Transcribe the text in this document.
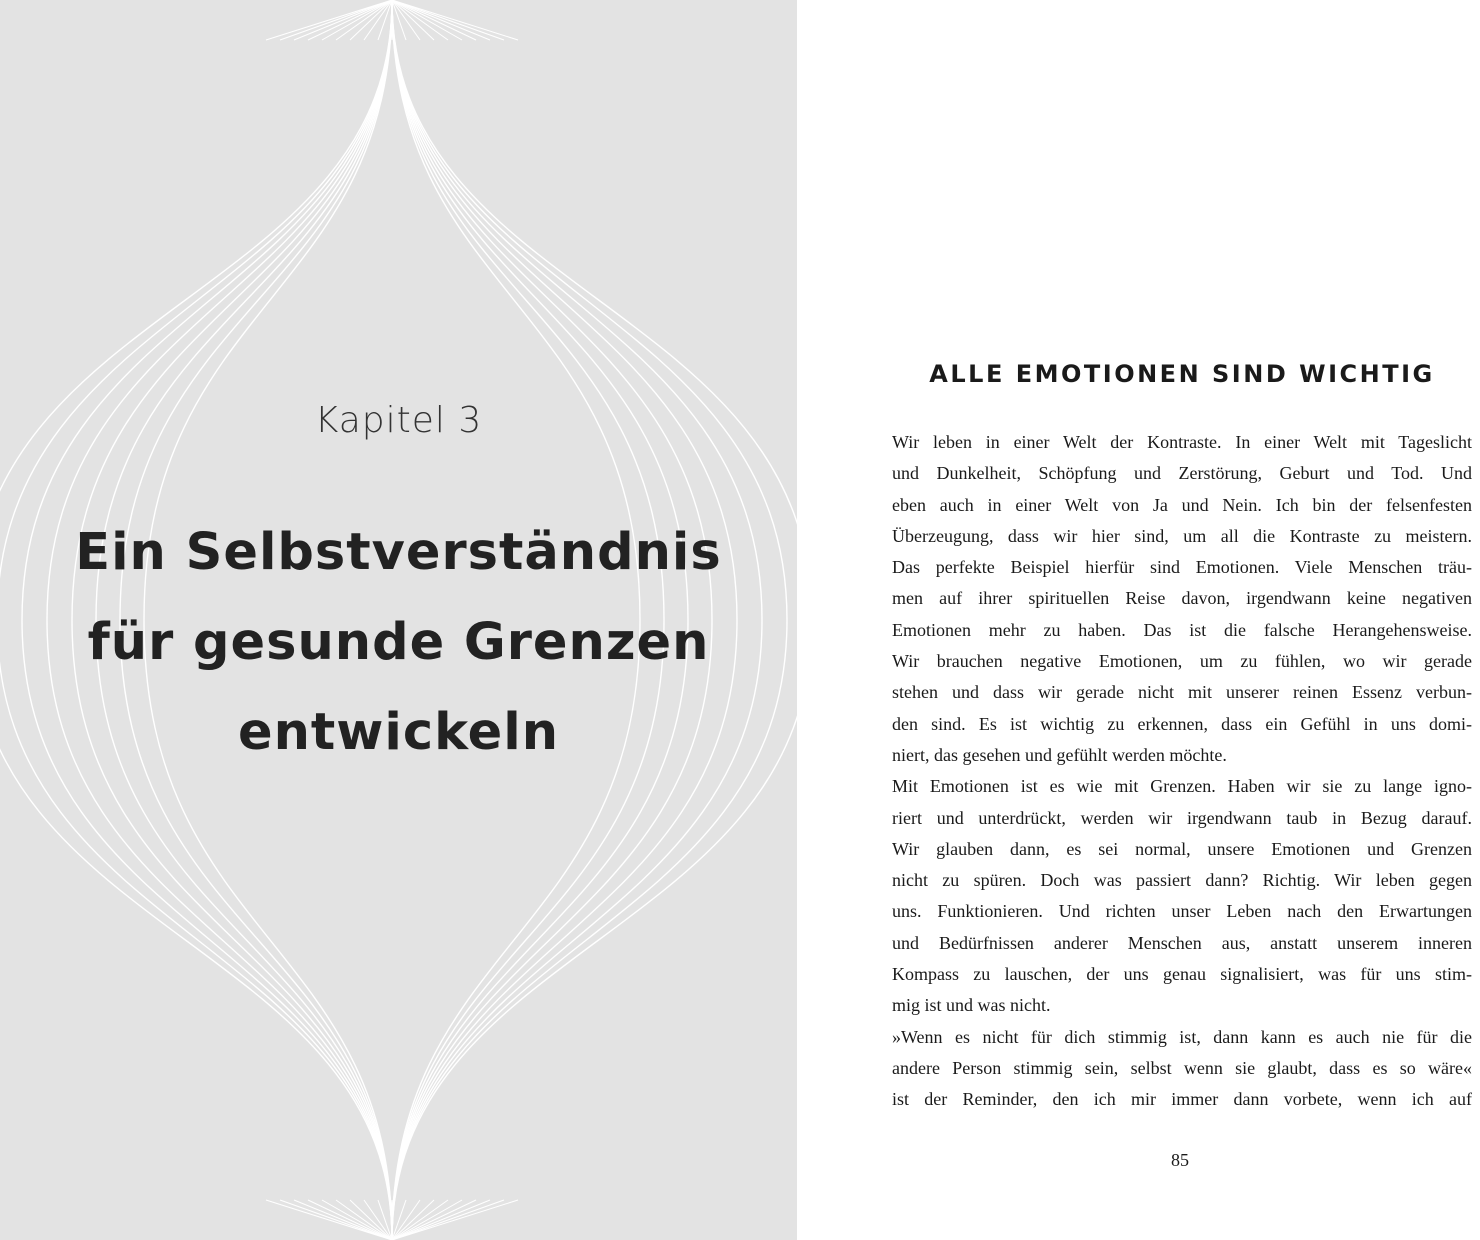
Kapitel 3
Ein Selbstverständnis
für gesunde Grenzen
entwickeln
ALLE EMOTIONEN SIND WICHTIG
Wir leben in einer Welt der Kontraste. In einer Welt mit Tageslicht
und Dunkelheit, Schöpfung und Zerstörung, Geburt und Tod. Und
eben auch in einer Welt von Ja und Nein. Ich bin der felsenfesten
Überzeugung, dass wir hier sind, um all die Kontraste zu meistern.
Das perfekte Beispiel hierfür sind Emotionen. Viele Menschen träu-
men auf ihrer spirituellen Reise davon, irgendwann keine negativen
Emotionen mehr zu haben. Das ist die falsche Herangehensweise.
Wir brauchen negative Emotionen, um zu fühlen, wo wir gerade
stehen und dass wir gerade nicht mit unserer reinen Essenz verbun-
den sind. Es ist wichtig zu erkennen, dass ein Gefühl in uns domi-
niert, das gesehen und gefühlt werden möchte.
Mit Emotionen ist es wie mit Grenzen. Haben wir sie zu lange igno-
riert und unterdrückt, werden wir irgendwann taub in Bezug darauf.
Wir glauben dann, es sei normal, unsere Emotionen und Grenzen
nicht zu spüren. Doch was passiert dann? Richtig. Wir leben gegen
uns. Funktionieren. Und richten unser Leben nach den Erwartungen
und Bedürfnissen anderer Menschen aus, anstatt unserem inneren
Kompass zu lauschen, der uns genau signalisiert, was für uns stim-
mig ist und was nicht.
»Wenn es nicht für dich stimmig ist, dann kann es auch nie für die
andere Person stimmig sein, selbst wenn sie glaubt, dass es so wäre«
ist der Reminder, den ich mir immer dann vorbete, wenn ich auf
85
